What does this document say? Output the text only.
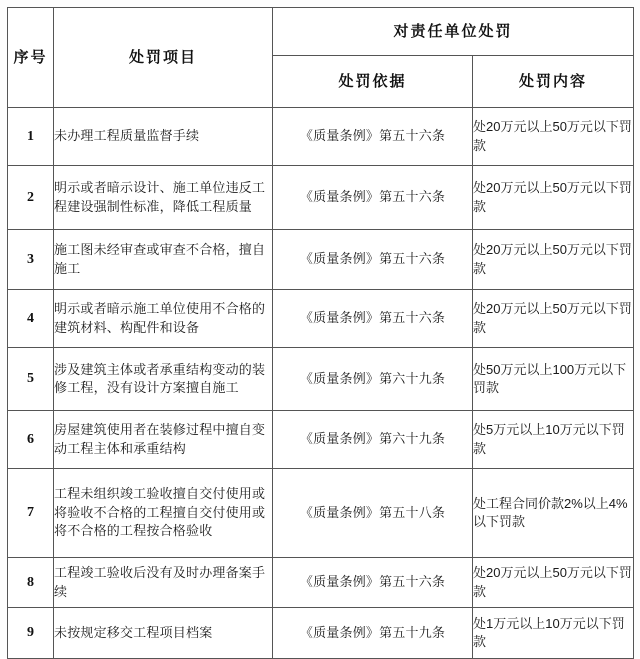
序号	处罚项目	对责任单位处罚	

		处罚依据	处罚内容

1	未办理工程质量监督手续	《质量条例》第五十六条	处20万元以上50万元以下罚款

2	明示或者暗示设计、施工单位违反工程建设强制性标准，降低工程质量	《质量条例》第五十六条	处20万元以上50万元以下罚款

3	施工图未经审查或审查不合格，擅自施工	《质量条例》第五十六条	处20万元以上50万元以下罚款

4	明示或者暗示施工单位使用不合格的建筑材料、构配件和设备	《质量条例》第五十六条	处20万元以上50万元以下罚款

5	涉及建筑主体或者承重结构变动的装修工程，没有设计方案擅自施工	《质量条例》第六十九条	处50万元以上100万元以下罚款

6	房屋建筑使用者在装修过程中擅自变动工程主体和承重结构	《质量条例》第六十九条	处5万元以上10万元以下罚款

7	工程未组织竣工验收擅自交付使用或将验收不合格的工程擅自交付使用或将不合格的工程按合格验收	《质量条例》第五十八条	处工程合同价款2%以上4%以下罚款

8	工程竣工验收后没有及时办理备案手续	《质量条例》第五十六条	处20万元以上50万元以下罚款

9	未按规定移交工程项目档案	《质量条例》第五十九条	处1万元以上10万元以下罚款
